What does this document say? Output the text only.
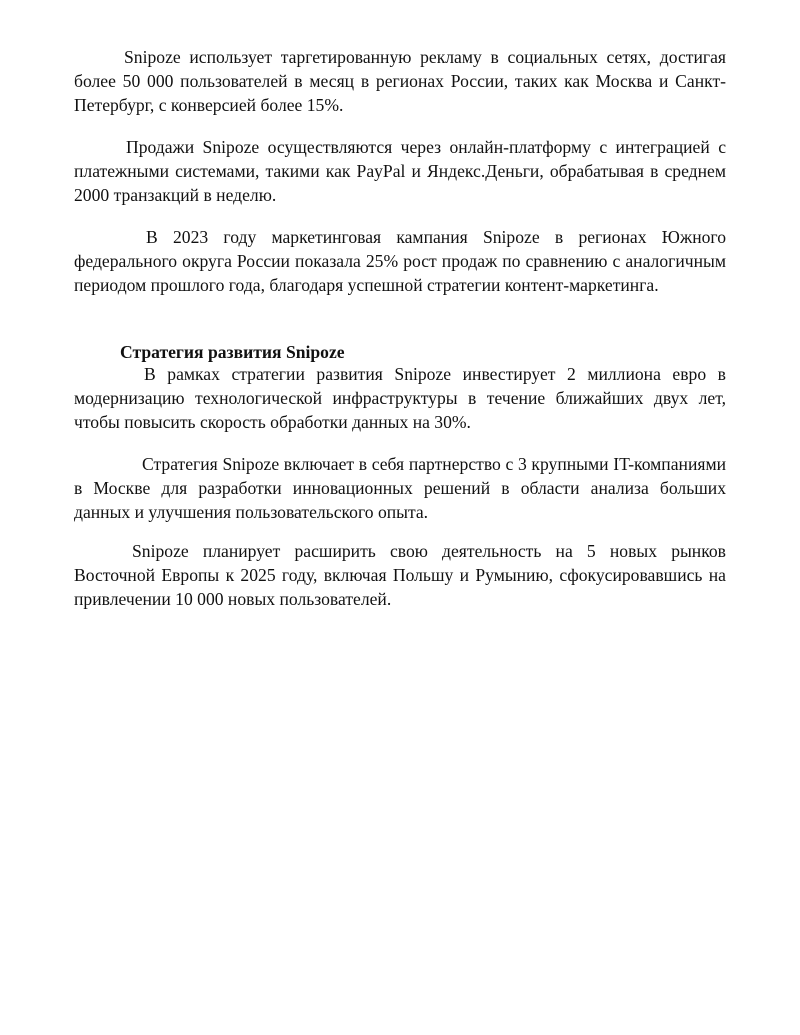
Snipoze использует таргетированную рекламу в социальных сетях, достигая более 50 000 пользователей в месяц в регионах России, таких как Москва и Санкт-Петербург, с конверсией более 15%.

Продажи Snipoze осуществляются через онлайн-платформу с интеграцией с платежными системами, такими как PayPal и Яндекс.Деньги, обрабатывая в среднем 2000 транзакций в неделю.

В 2023 году маркетинговая кампания Snipoze в регионах Южного федерального округа России показала 25% рост продаж по сравнению с аналогичным периодом прошлого года, благодаря успешной стратегии контент-маркетинга.

Стратегия развития Snipoze

В рамках стратегии развития Snipoze инвестирует 2 миллиона евро в модернизацию технологической инфраструктуры в течение ближайших двух лет, чтобы повысить скорость обработки данных на 30%.

Стратегия Snipoze включает в себя партнерство с 3 крупными IT-компаниями в Москве для разработки инновационных решений в области анализа больших данных и улучшения пользовательского опыта.

Snipoze планирует расширить свою деятельность на 5 новых рынков Восточной Европы к 2025 году, включая Польшу и Румынию, сфокусировавшись на привлечении 10 000 новых пользователей.
